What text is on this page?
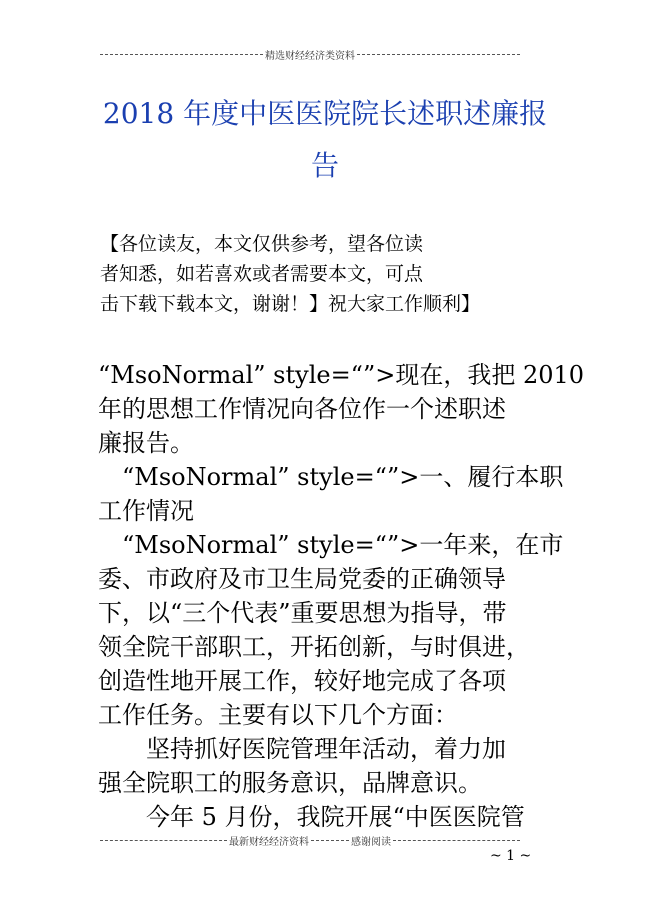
精选财经经济类资料
2018 年度中医医院院长述职述廉报
告
【各位读友，本文仅供参考，望各位读
者知悉，如若喜欢或者需要本文，可点
击下载下载本文，谢谢！】祝大家工作顺利】

“MsoNormal” style=“”>现在，我把 2010
年的思想工作情况向各位作一个述职述
廉报告。

“MsoNormal” style=“”>一、履行本职
工作情况

“MsoNormal” style=“”>一年来，在市
委、市政府及市卫生局党委的正确领导
下，以“三个代表”重要思想为指导，带
领全院干部职工，开拓创新，与时俱进，
创造性地开展工作，较好地完成了各项
工作任务。主要有以下几个方面：

坚持抓好医院管理年活动，着力加
强全院职工的服务意识，品牌意识。

今年 5 月份，我院开展“中医医院管

最新财经经济资料	感谢阅读
~ 1 ~
